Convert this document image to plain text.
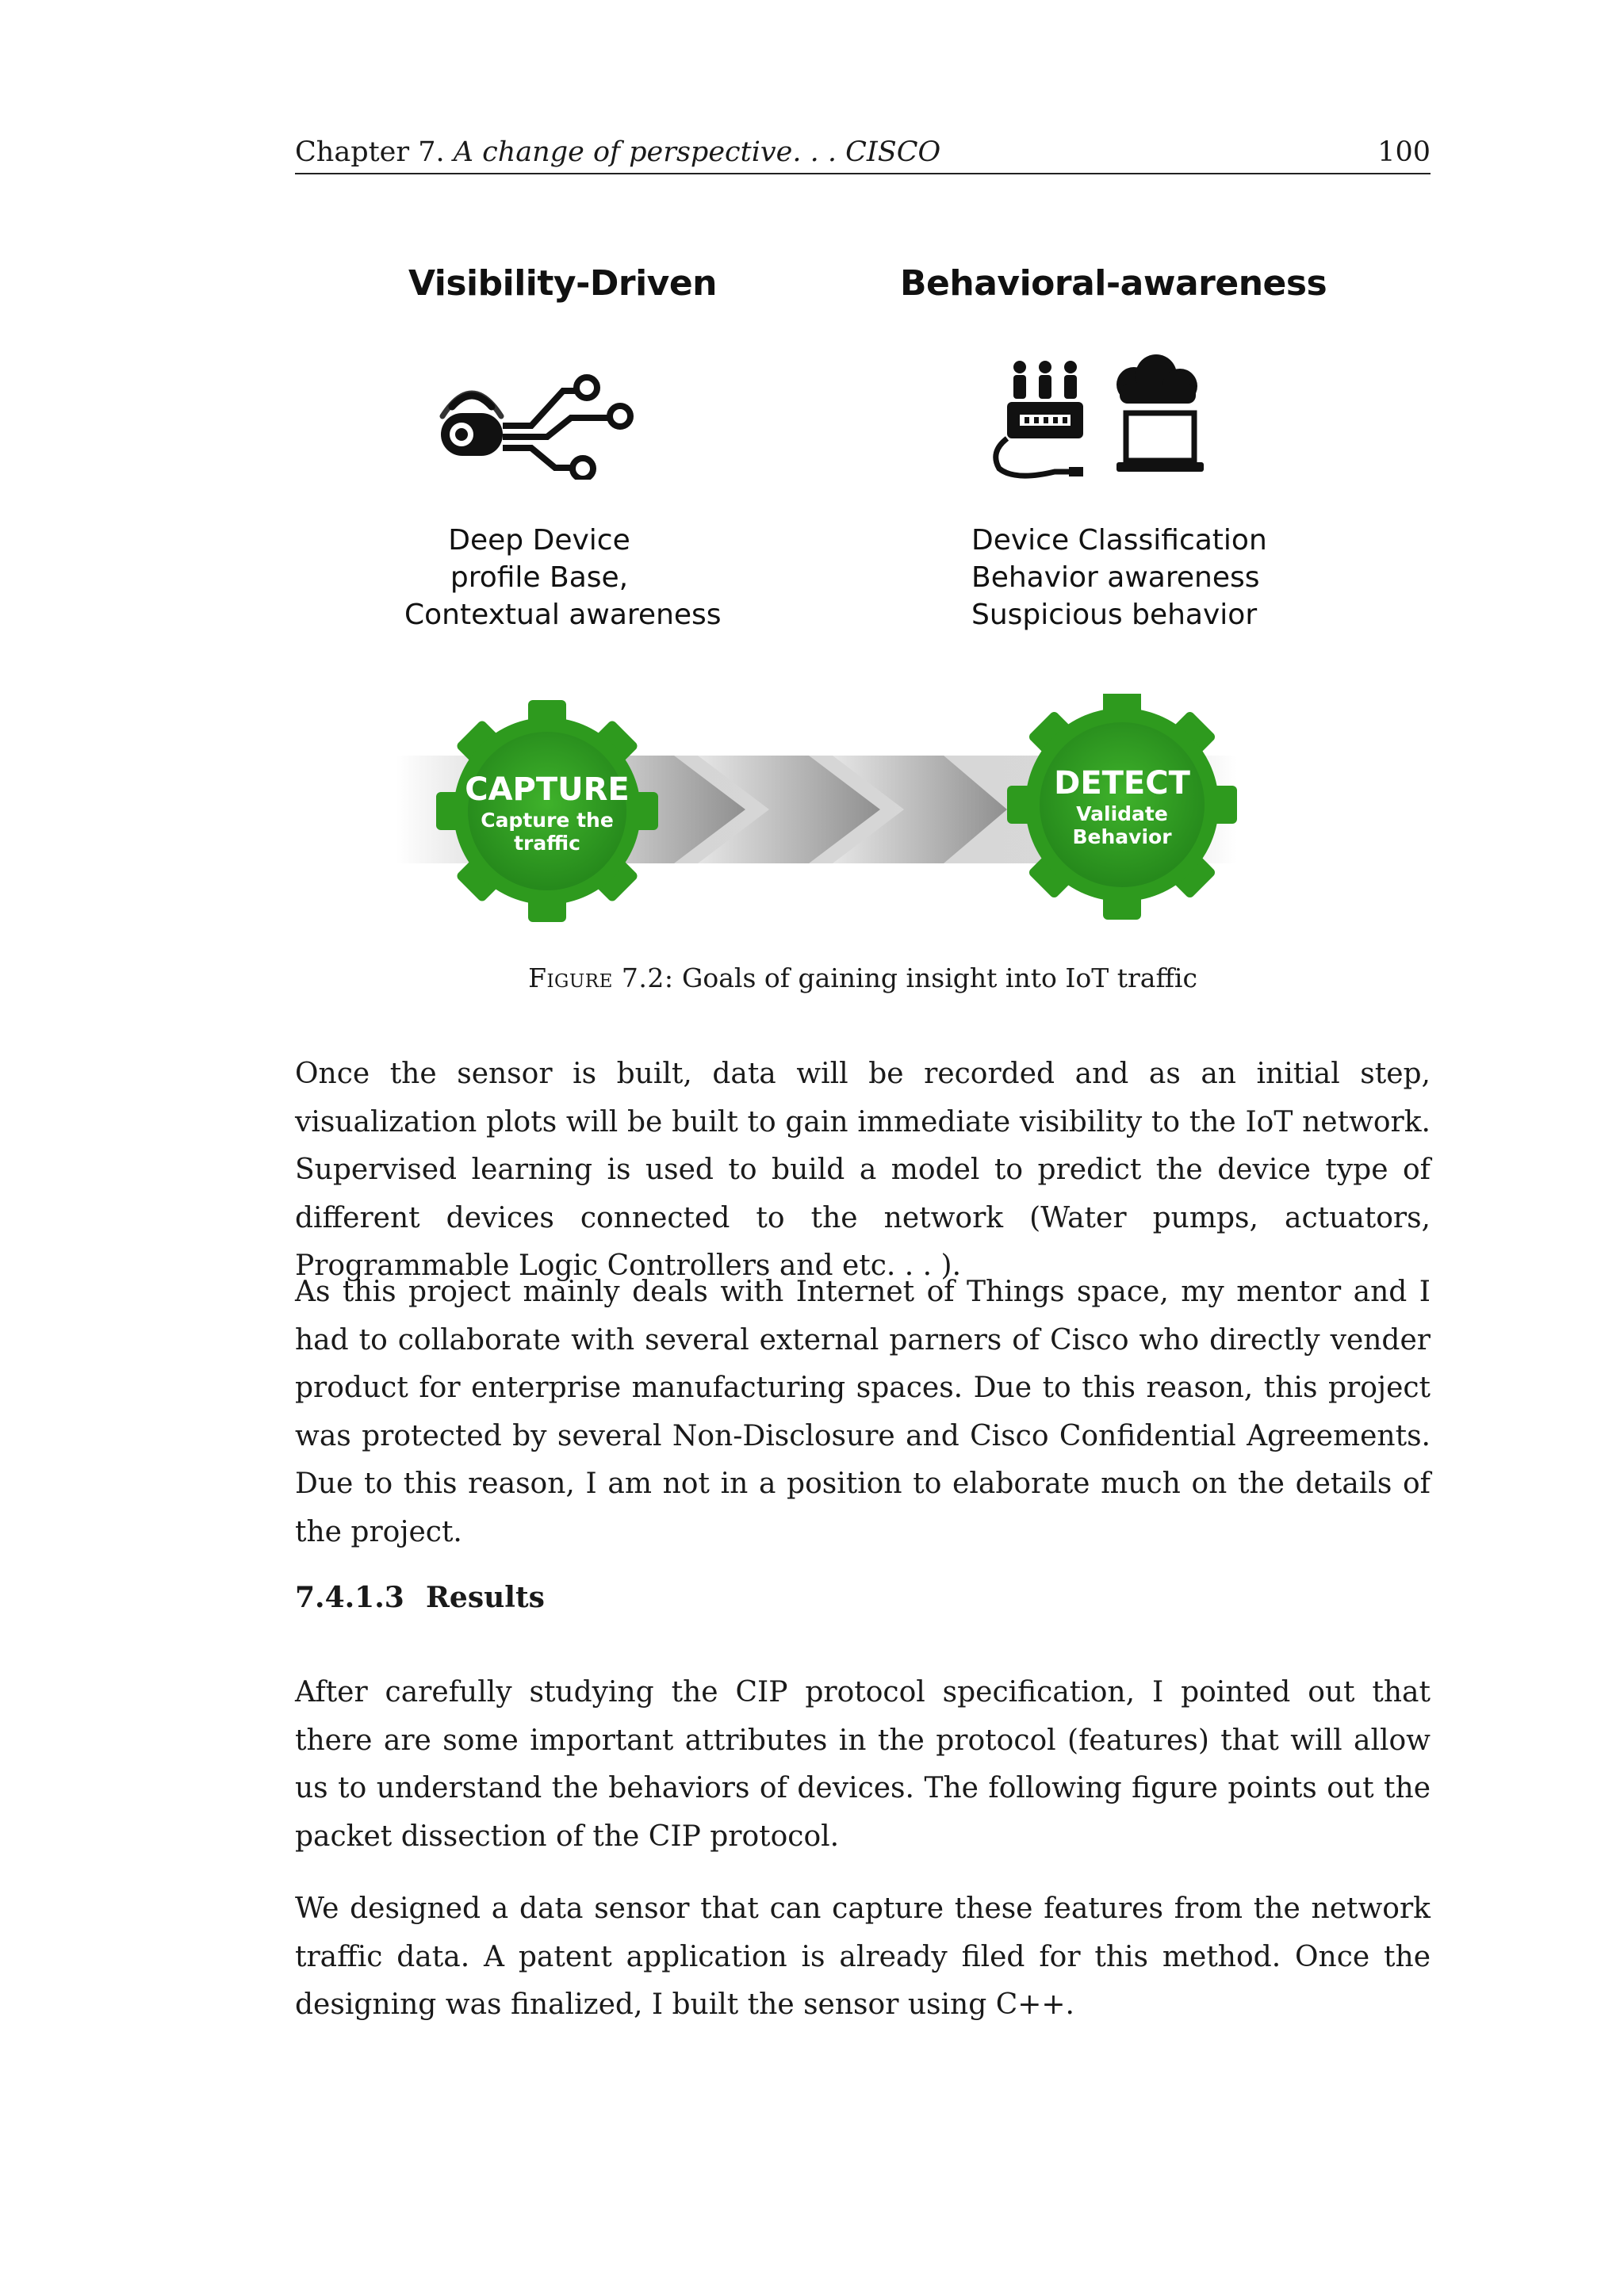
Chapter 7. A change of perspective. . . CISCO	100
Visibility-Driven	Behavioral-awareness
Deep Device
profile Base,
Contextual awareness
Device Classification
Behavior awareness
Suspicious behavior
CAPTURE
Capture the
traffic
DETECT
Validate
Behavior
Figure 7.2: Goals of gaining insight into IoT traffic

Once the sensor is built, data will be recorded and as an initial step, visualization plots will be built to gain immediate visibility to the IoT network. Supervised learning is used to build a model to predict the device type of different devices connected to the network (Water pumps, actuators, Programmable Logic Controllers and etc. . . ).

As this project mainly deals with Internet of Things space, my mentor and I had to collaborate with several external parners of Cisco who directly vender product for enterprise manufacturing spaces. Due to this reason, this project was protected by several Non-Disclosure and Cisco Confidential Agreements. Due to this reason, I am not in a position to elaborate much on the details of the project.

7.4.1.3 Results

After carefully studying the CIP protocol specification, I pointed out that there are some important attributes in the protocol (features) that will allow us to understand the behaviors of devices. The following figure points out the packet dissection of the CIP protocol.

We designed a data sensor that can capture these features from the network traffic data. A patent application is already filed for this method. Once the designing was finalized, I built the sensor using C++.
